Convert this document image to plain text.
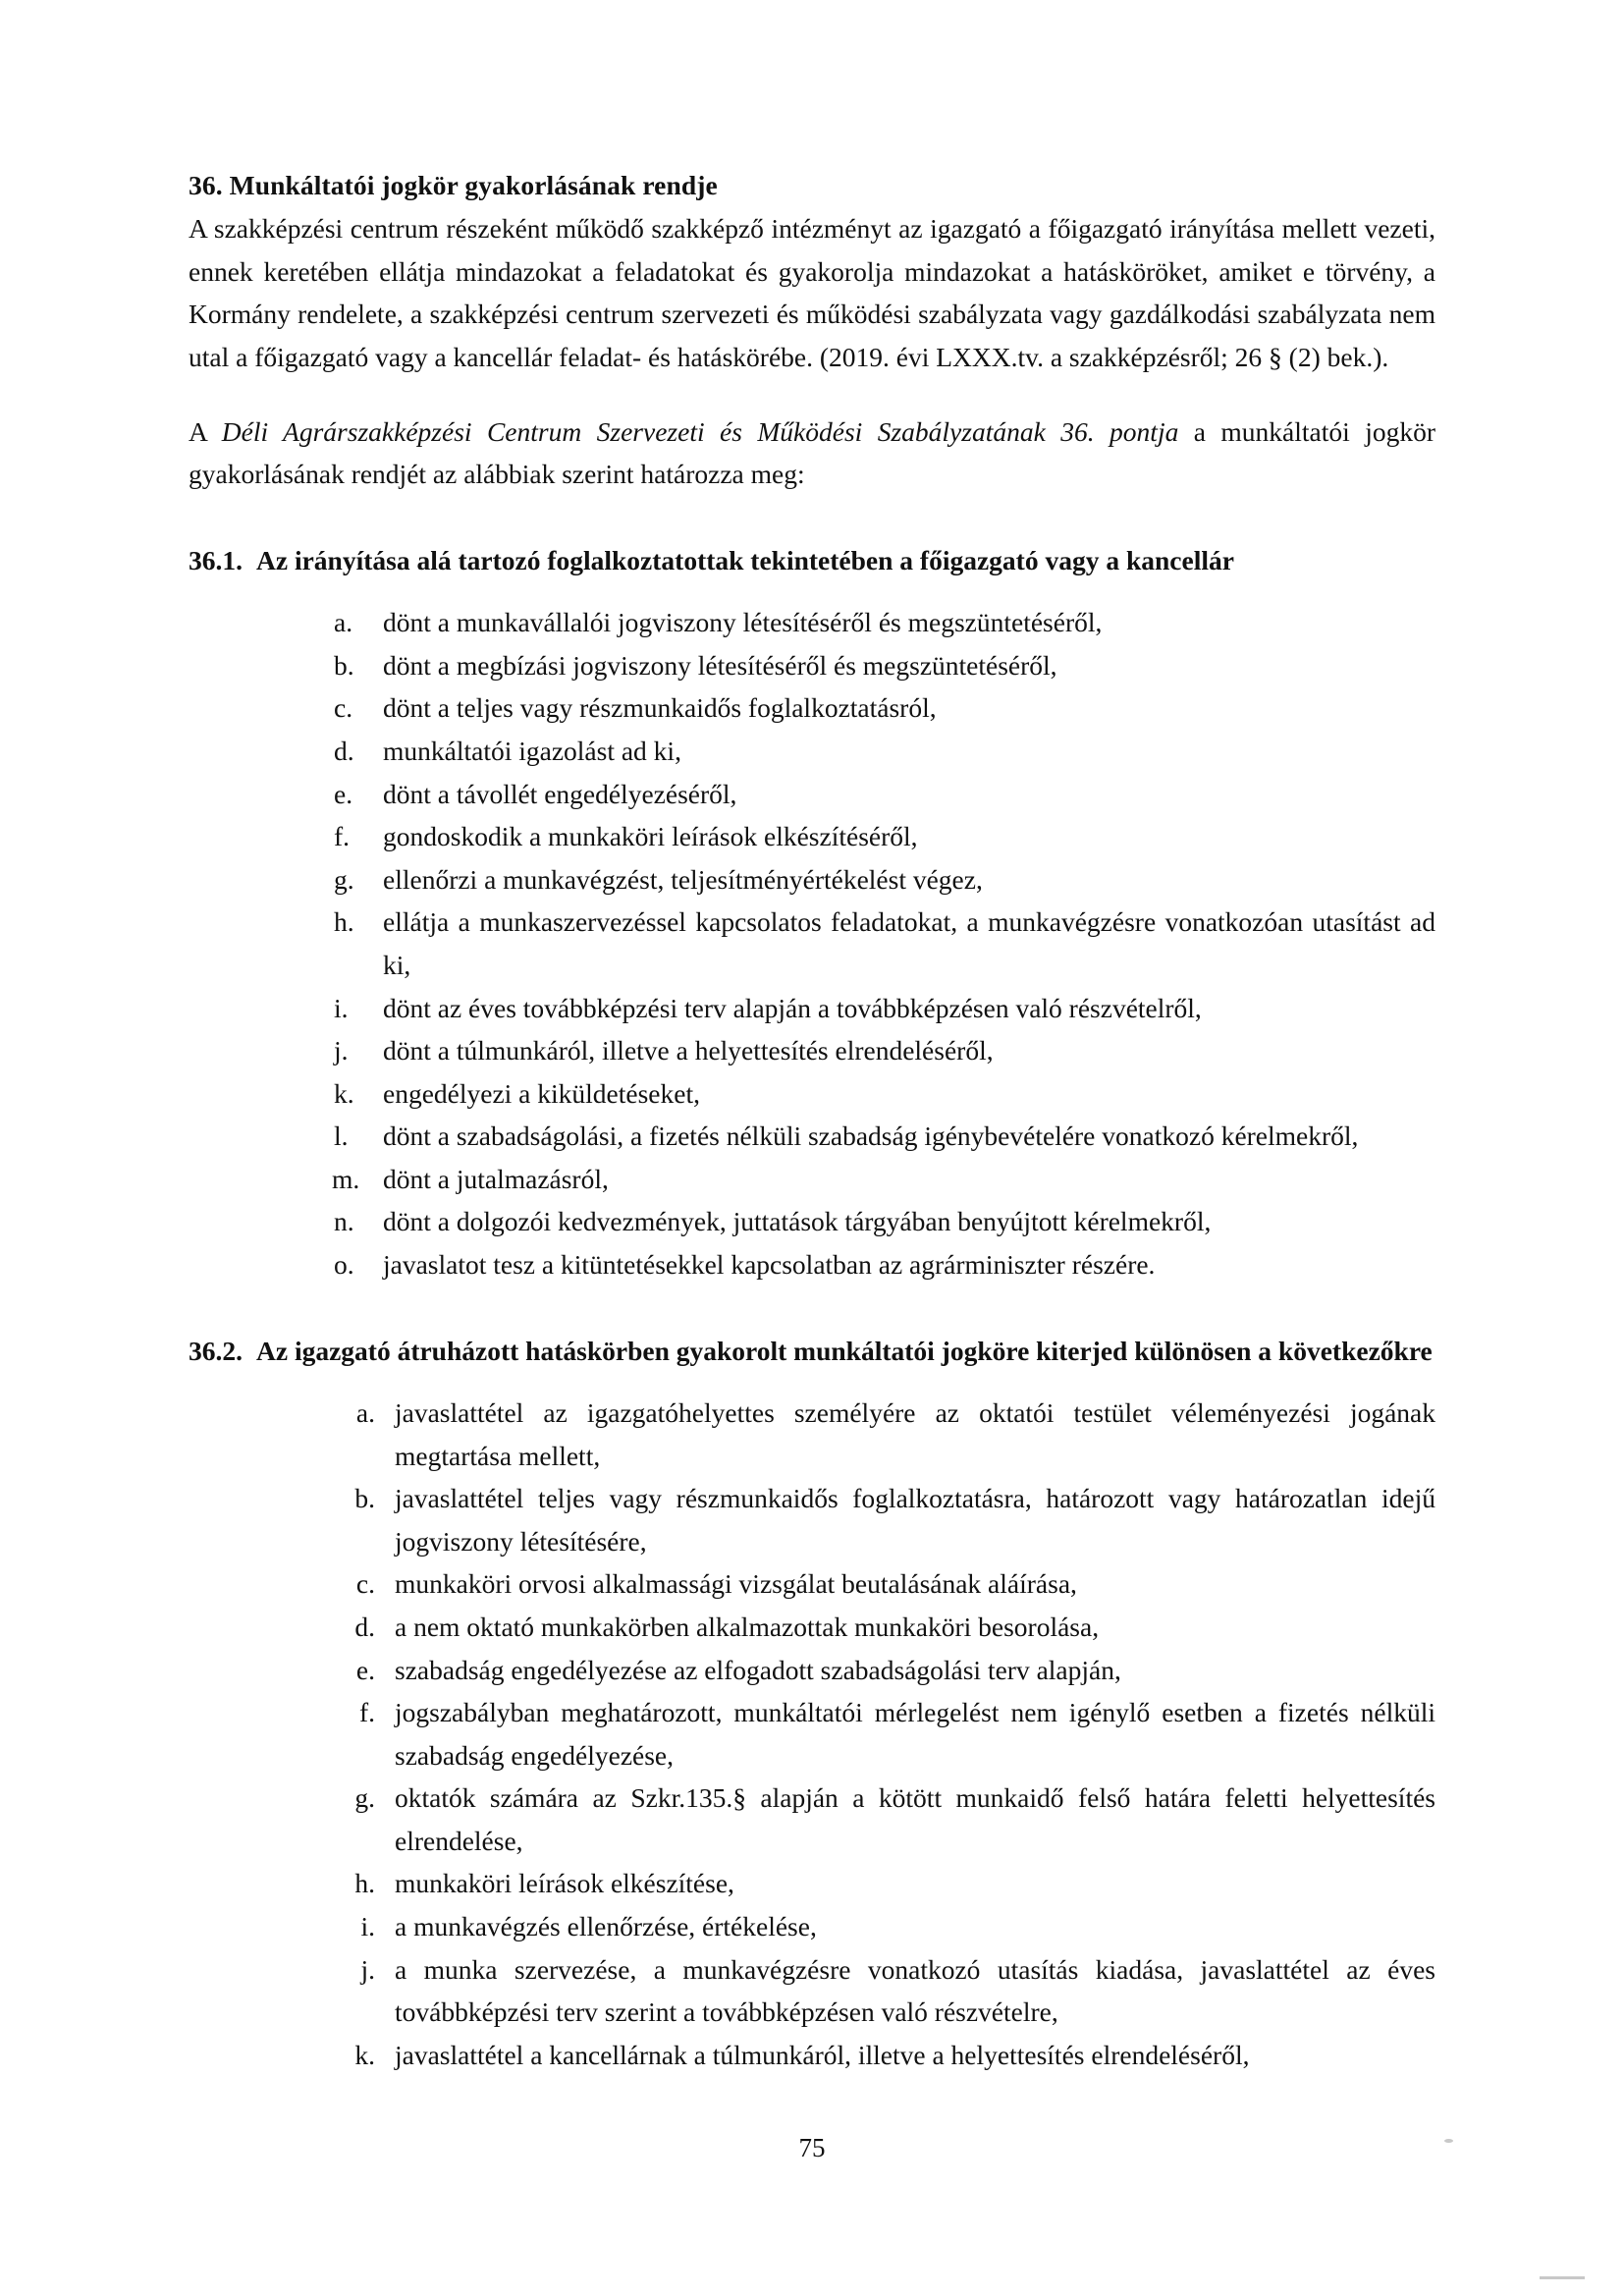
36. Munkáltatói jogkör gyakorlásának rendje

A szakképzési centrum részeként működő szakképző intézményt az igazgató a főigazgató irányítása mellett vezeti, ennek keretében ellátja mindazokat a feladatokat és gyakorolja mindazokat a hatásköröket, amiket e törvény, a Kormány rendelete, a szakképzési centrum szervezeti és működési szabályzata vagy gazdálkodási szabályzata nem utal a főigazgató vagy a kancellár feladat- és hatáskörébe. (2019. évi LXXX.tv. a szakképzésről; 26 § (2) bek.).

A Déli Agrárszakképzési Centrum Szervezeti és Működési Szabályzatának 36. pontja a munkáltatói jogkör gyakorlásának rendjét az alábbiak szerint határozza meg:

36.1. Az irányítása alá tartozó foglalkoztatottak tekintetében a főigazgató vagy a kancellár
a.	dönt a munkavállalói jogviszony létesítéséről és megszüntetéséről,
b.	dönt a megbízási jogviszony létesítéséről és megszüntetéséről,
c.	dönt a teljes vagy részmunkaidős foglalkoztatásról,
d.	munkáltatói igazolást ad ki,
e.	dönt a távollét engedélyezéséről,
f.	gondoskodik a munkaköri leírások elkészítéséről,
g.	ellenőrzi a munkavégzést, teljesítményértékelést végez,
h.	ellátja a munkaszervezéssel kapcsolatos feladatokat, a munkavégzésre vonatkozóan utasítást ad ki,
i.	dönt az éves továbbképzési terv alapján a továbbképzésen való részvételről,
j.	dönt a túlmunkáról, illetve a helyettesítés elrendeléséről,
k.	engedélyezi a kiküldetéseket,
l.	dönt a szabadságolási, a fizetés nélküli szabadság igénybevételére vonatkozó kérelmekről,
m. dönt a jutalmazásról,
n.	dönt a dolgozói kedvezmények, juttatások tárgyában benyújtott kérelmekről,
o.	javaslatot tesz a kitüntetésekkel kapcsolatban az agrárminiszter részére.
36.2. Az igazgató átruházott hatáskörben gyakorolt munkáltatói jogköre kiterjed különösen a következőkre
a. javaslattétel az igazgatóhelyettes személyére az oktatói testület véleményezési jogának megtartása mellett,
b. javaslattétel teljes vagy részmunkaidős foglalkoztatásra, határozott vagy határozatlan idejű jogviszony létesítésére,
c. munkaköri orvosi alkalmassági vizsgálat beutalásának aláírása,
d. a nem oktató munkakörben alkalmazottak munkaköri besorolása,
e. szabadság engedélyezése az elfogadott szabadságolási terv alapján,
f. jogszabályban meghatározott, munkáltatói mérlegelést nem igénylő esetben a fizetés nélküli szabadság engedélyezése,
g. oktatók számára az Szkr.135.§ alapján a kötött munkaidő felső határa feletti helyettesítés elrendelése,
h. munkaköri leírások elkészítése,
i. a munkavégzés ellenőrzése, értékelése,
j. a munka szervezése, a munkavégzésre vonatkozó utasítás kiadása, javaslattétel az éves továbbképzési terv szerint a továbbképzésen való részvételre,
k. javaslattétel a kancellárnak a túlmunkáról, illetve a helyettesítés elrendeléséről,
75
